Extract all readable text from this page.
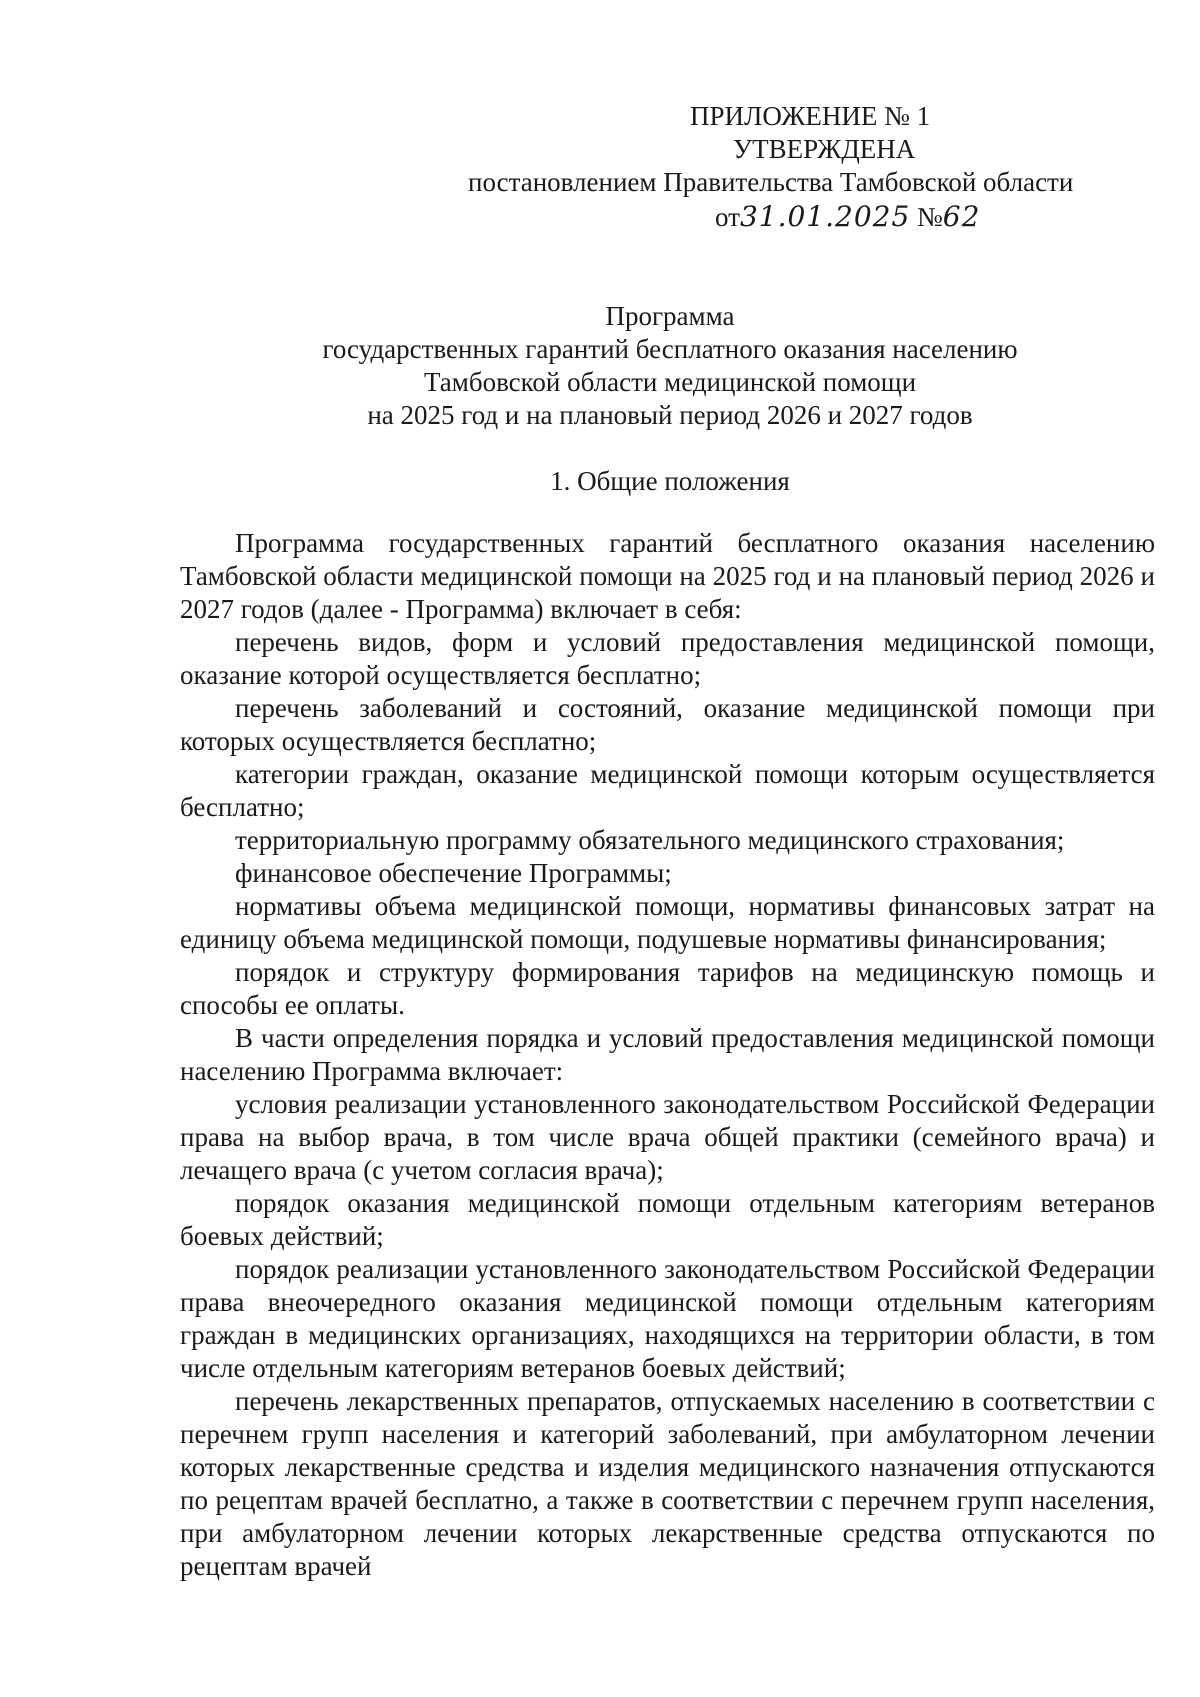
ПРИЛОЖЕНИЕ № 1
УТВЕРЖДЕНА
постановлением Правительства Тамбовской области
от31.01.2025 №62
Программа
государственных гарантий бесплатного оказания населению
Тамбовской области медицинской помощи
на 2025 год и на плановый период 2026 и 2027 годов
1. Общие положения

Программа государственных гарантий бесплатного оказания населению Тамбовской области медицинской помощи на 2025 год и на плановый период 2026 и 2027 годов (далее - Программа) включает в себя:

перечень видов, форм и условий предоставления медицинской помощи, оказание которой осуществляется бесплатно;

перечень заболеваний и состояний, оказание медицинской помощи при которых осуществляется бесплатно;

категории граждан, оказание медицинской помощи которым осуществляется бесплатно;

территориальную программу обязательного медицинского страхования;

финансовое обеспечение Программы;

нормативы объема медицинской помощи, нормативы финансовых затрат на единицу объема медицинской помощи, подушевые нормативы финансирования;

порядок и структуру формирования тарифов на медицинскую помощь и способы ее оплаты.

В части определения порядка и условий предоставления медицинской помощи населению Программа включает:

условия реализации установленного законодательством Российской Федерации права на выбор врача, в том числе врача общей практики (семейного врача) и лечащего врача (с учетом согласия врача);

порядок оказания медицинской помощи отдельным категориям ветеранов боевых действий;

порядок реализации установленного законодательством Российской Федерации права внеочередного оказания медицинской помощи отдельным категориям граждан в медицинских организациях, находящихся на территории области, в том числе отдельным категориям ветеранов боевых действий;

перечень лекарственных препаратов, отпускаемых населению в соответствии с перечнем групп населения и категорий заболеваний, при амбулаторном лечении которых лекарственные средства и изделия медицинского назначения отпускаются по рецептам врачей бесплатно, а также в соответствии с перечнем групп населения, при амбулаторном лечении которых лекарственные средства отпускаются по рецептам врачей
